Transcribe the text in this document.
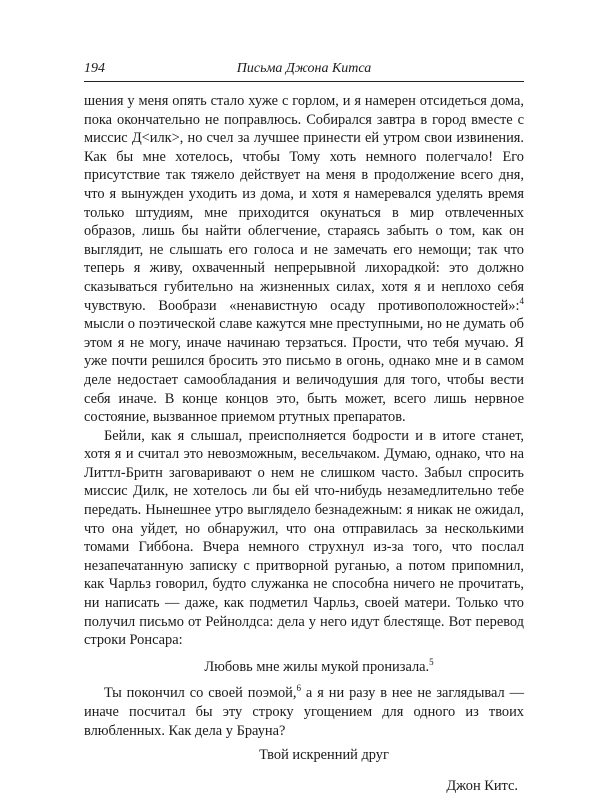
194	Письма Джона Китса

шения у меня опять стало хуже с горлом, и я намерен отсидеться дома, пока окончательно не поправлюсь. Собирался завтра в город вместе с миссис Д<илк>, но счел за лучшее принести ей утром свои извинения. Как бы мне хотелось, чтобы Тому хоть немного полегчало! Его присутствие так тяжело действует на меня в продолжение всего дня, что я вынужден уходить из дома, и хотя я намеревался уделять время только штудиям, мне приходится окунаться в мир отвлеченных образов, лишь бы найти облегчение, стараясь забыть о том, как он выглядит, не слышать его голоса и не замечать его немощи; так что теперь я живу, охваченный непрерывной лихорадкой: это должно сказываться губительно на жизненных силах, хотя я и неплохо себя чувствую. Вообрази «ненавистную осаду противоположностей»:$^4$ мысли о поэтической славе кажутся мне преступными, но не думать об этом я не могу, иначе начинаю терзаться. Прости, что тебя мучаю. Я уже почти решился бросить это письмо в огонь, однако мне и в самом деле недостает самообладания и величодушия для того, чтобы вести себя иначе. В конце концов это, быть может, всего лишь нервное состояние, вызванное приемом ртутных препаратов.

Бейли, как я слышал, преисполняется бодрости и в итоге станет, хотя я и считал это невозможным, весельчаком. Думаю, однако, что на Литтл-Бритн заговаривают о нем не слишком часто. Забыл спросить миссис Дилк, не хотелось ли бы ей что-нибудь незамедлительно тебе передать. Нынешнее утро выглядело безнадежным: я никак не ожидал, что она уйдет, но обнаружил, что она отправилась за несколькими томами Гиббона. Вчера немного струхнул из-за того, что послал незапечатанную записку с притворной руганью, а потом припомнил, как Чарльз говорил, будто служанка не способна ничего не прочитать, ни написать — даже, как подметил Чарльз, своей матери. Только что получил письмо от Рейнолдса: дела у него идут блестяще. Вот перевод строки Ронсара:

Любовь мне жилы мукой пронизала.$^5$

Ты покончил со своей поэмой,$^6$ а я ни разу в нее не заглядывал — иначе посчитал бы эту строку угощением для одного из твоих влюбленных. Как дела у Брауна?

Твой искренний друг
Джон Китс.
